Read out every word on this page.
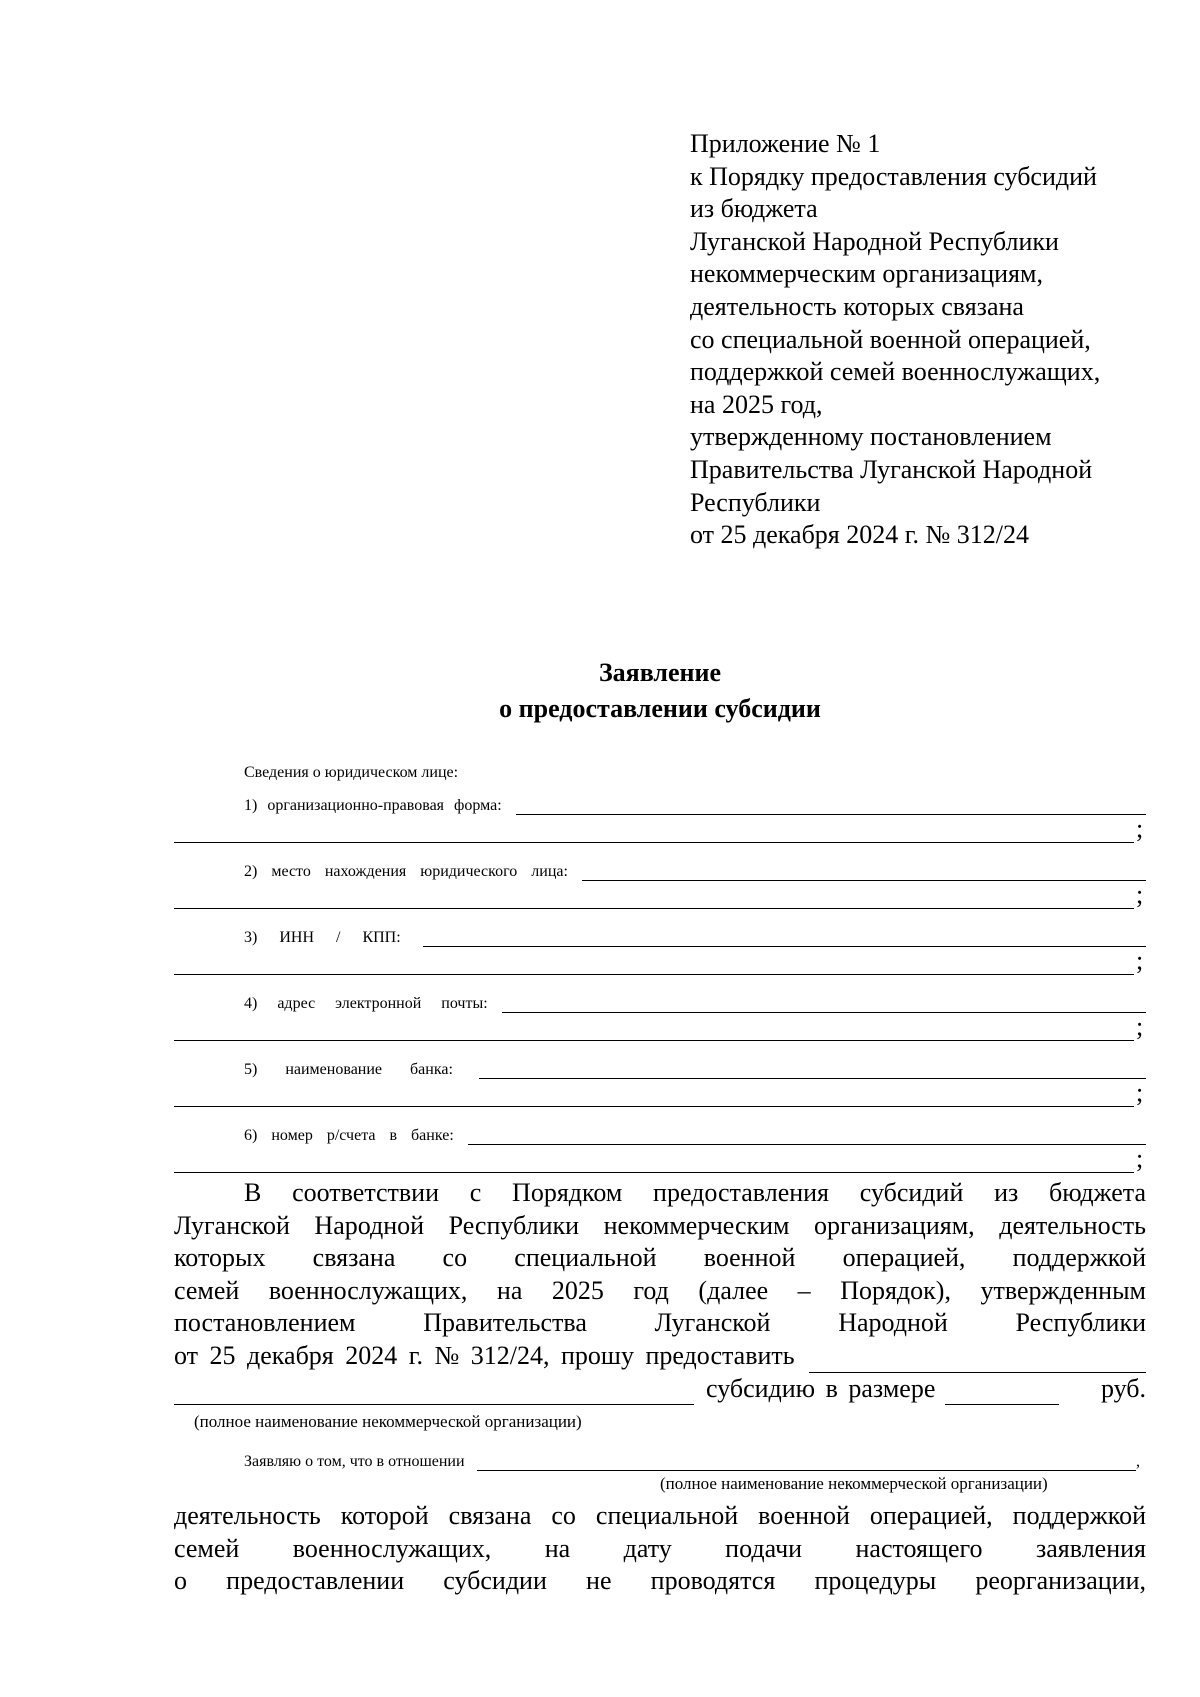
Приложение № 1
к Порядку предоставления субсидий
из бюджета
Луганской Народной Республики
некоммерческим организациям,
деятельность которых связана
со специальной военной операцией,
поддержкой семей военнослужащих,
на 2025 год,
утвержденному постановлением
Правительства Луганской Народной
Республики
от 25 декабря 2024 г. № 312/24
Заявление
о предоставлении субсидии
Сведения о юридическом лице:
1) организационно-правовая форма:
;
2) место нахождения юридического лица:
;
3) ИНН / КПП:
;
4) адрес электронной почты:
;
5) наименование банка:
;
6) номер р/счета в банке:
;
В соответствии с Порядком предоставления субсидий из бюджета
Луганской Народной Республики некоммерческим организациям, деятельность
которых связана со специальной военной операцией, поддержкой
семей военнослужащих, на 2025 год (далее – Порядок), утвержденным
постановлением Правительства Луганской Народной Республики
от 25 декабря 2024 г. № 312/24, прошу предоставить
субсидию в размере	руб.
(полное наименование некоммерческой организации)
Заявляю о том, что в отношении	,
(полное наименование некоммерческой организации)
деятельность которой связана со специальной военной операцией, поддержкой
семей военнослужащих, на дату подачи настоящего заявления
о предоставлении субсидии не проводятся процедуры реорганизации,
